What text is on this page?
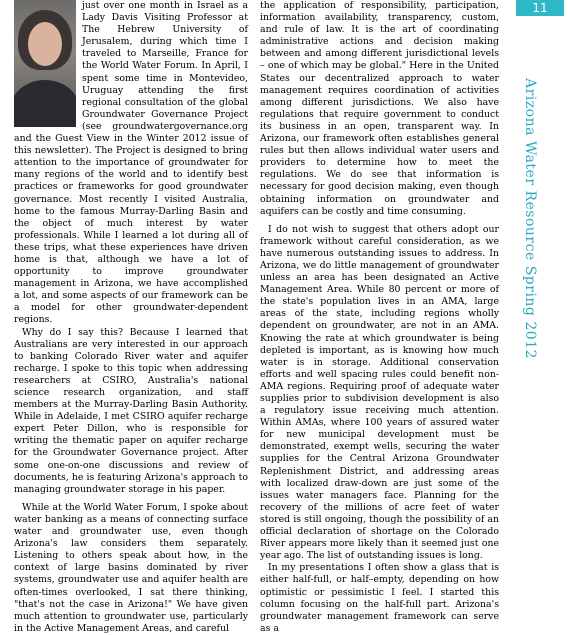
just over one month in Israel as a Lady Davis Visiting Professor at The Hebrew University of Jerusalem, during which time I traveled to Marseille, France for the World Water Forum. In April, I spent some time in Montevideo, Uruguay attending the first regional consultation of the global Groundwater Governance Project (see groundwatergovernance.org and the Guest View in the Winter 2012 issue of this newsletter). The Project is designed to bring attention to the importance of groundwater for many regions of the world and to identify best practices or frameworks for good groundwater governance. Most recently I visited Australia, home to the famous Murray-Darling Basin and the object of much interest by water professionals. While I learned a lot during all of these trips, what these experiences have driven home is that, although we have a lot of opportunity to improve groundwater management in Arizona, we have accomplished a lot, and some aspects of our framework can be a model for other groundwater-dependent regions.

Why do I say this? Because I learned that Australians are very interested in our approach to banking Colorado River water and aquifer recharge. I spoke to this topic when addressing researchers at CSIRO, Australia's national science research organization, and staff members at the Murray-Darling Basin Authority. While in Adelaide, I met CSIRO aquifer recharge expert Peter Dillon, who is responsible for writing the thematic paper on aquifer recharge for the Groundwater Governance project. After some one-on-one discussions and review of documents, he is featuring Arizona's approach to managing groundwater storage in his paper.

While at the World Water Forum, I spoke about water banking as a means of connecting surface water and groundwater use, even though Arizona's law considers them separately. Listening to others speak about how, in the context of large basins dominated by river systems, groundwater use and aquifer health are often-times overlooked, I sat there thinking, "that's not the case in Arizona!" We have given much attention to groundwater use, particularly in the Active Management Areas, and careful

the application of responsibility, participation, information availability, transparency, custom, and rule of law. It is the art of coordinating administrative actions and decision making between and among different jurisdictional levels – one of which may be global." Here in the United States our decentralized approach to water management requires coordination of activities among different jurisdictions. We also have regulations that require government to conduct its business in an open, transparent way. In Arizona, our framework often establishes general rules but then allows individual water users and providers to determine how to meet the regulations. We do see that information is necessary for good decision making, even though obtaining information on groundwater and aquifers can be costly and time consuming.

I do not wish to suggest that others adopt our framework without careful consideration, as we have numerous outstanding issues to address. In Arizona, we do little management of groundwater unless an area has been designated an Active Management Area. While 80 percent or more of the state's population lives in an AMA, large areas of the state, including regions wholly dependent on groundwater, are not in an AMA. Knowing the rate at which groundwater is being depleted is important, as is knowing how much water is in storage. Additional conservation efforts and well spacing rules could benefit non-AMA regions. Requiring proof of adequate water supplies prior to subdivision development is also a regulatory issue receiving much attention. Within AMAs, where 100 years of assured water for new municipal development must be demonstrated, exempt wells, securing the water supplies for the Central Arizona Groundwater Replenishment District, and addressing areas with localized draw-down are just some of the issues water managers face. Planning for the recovery of the millions of acre feet of water stored is still ongoing, though the possibility of an official declaration of shortage on the Colorado River appears more likely than it seemed just one year ago. The list of outstanding issues is long.

In my presentations I often show a glass that is either half-full, or half–empty, depending on how optimistic or pessimistic I feel. I started this column focusing on the half-full part. Arizona's groundwater management framework can serve as a

11
Arizona Water Resource Spring 2012
